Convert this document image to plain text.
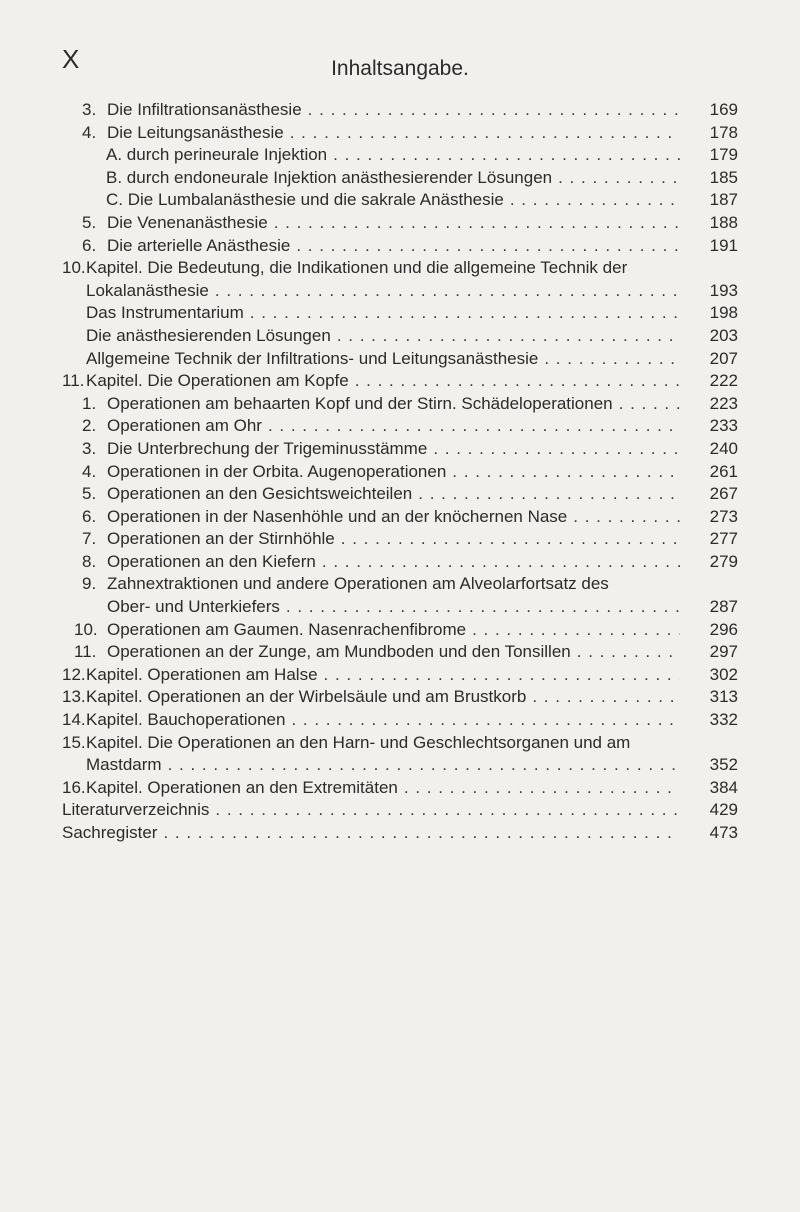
X	Inhaltsangabe.
3. Die Infiltrationsanästhesie . . .	169
4. Die Leitungsanästhesie . . .	178
A. durch perineurale Injektion . . .	179
B. durch endoneurale Injektion anästhesierender Lösungen . . .	185
C. Die Lumbalanästhesie und die sakrale Anästhesie . . .	187
5. Die Venenanästhesie . . .	188
6. Die arterielle Anästhesie . . .	191
10. Kapitel. Die Bedeutung, die Indikationen und die allgemeine Technik der
Lokalanästhesie . . .	193
Das Instrumentarium . . .	198
Die anästhesierenden Lösungen . . .	203
Allgemeine Technik der Infiltrations- und Leitungsanästhesie . . .	207
11. Kapitel. Die Operationen am Kopfe . . .	222
1. Operationen am behaarten Kopf und der Stirn. Schädeloperationen . . .	223
2. Operationen am Ohr . . .	233
3. Die Unterbrechung der Trigeminusstämme . . .	240
4. Operationen in der Orbita. Augenoperationen . . .	261
5. Operationen an den Gesichtsweichteilen . . .	267
6. Operationen in der Nasenhöhle und an der knöchernen Nase . . .	273
7. Operationen an der Stirnhöhle . . .	277
8. Operationen an den Kiefern . . .	279
9. Zahnextraktionen und andere Operationen am Alveolarfortsatz des
Ober- und Unterkiefers . . .	287
10. Operationen am Gaumen. Nasenrachenfibrome . . .	296
11. Operationen an der Zunge, am Mundboden und den Tonsillen . . .	297
12. Kapitel. Operationen am Halse . . .	302
13. Kapitel. Operationen an der Wirbelsäule und am Brustkorb . . .	313
14. Kapitel. Bauchoperationen . . .	332
15. Kapitel. Die Operationen an den Harn- und Geschlechtsorganen und am
Mastdarm . . .	352
16. Kapitel. Operationen an den Extremitäten . . .	384
Literaturverzeichnis . . .	429
Sachregister . . .	473
